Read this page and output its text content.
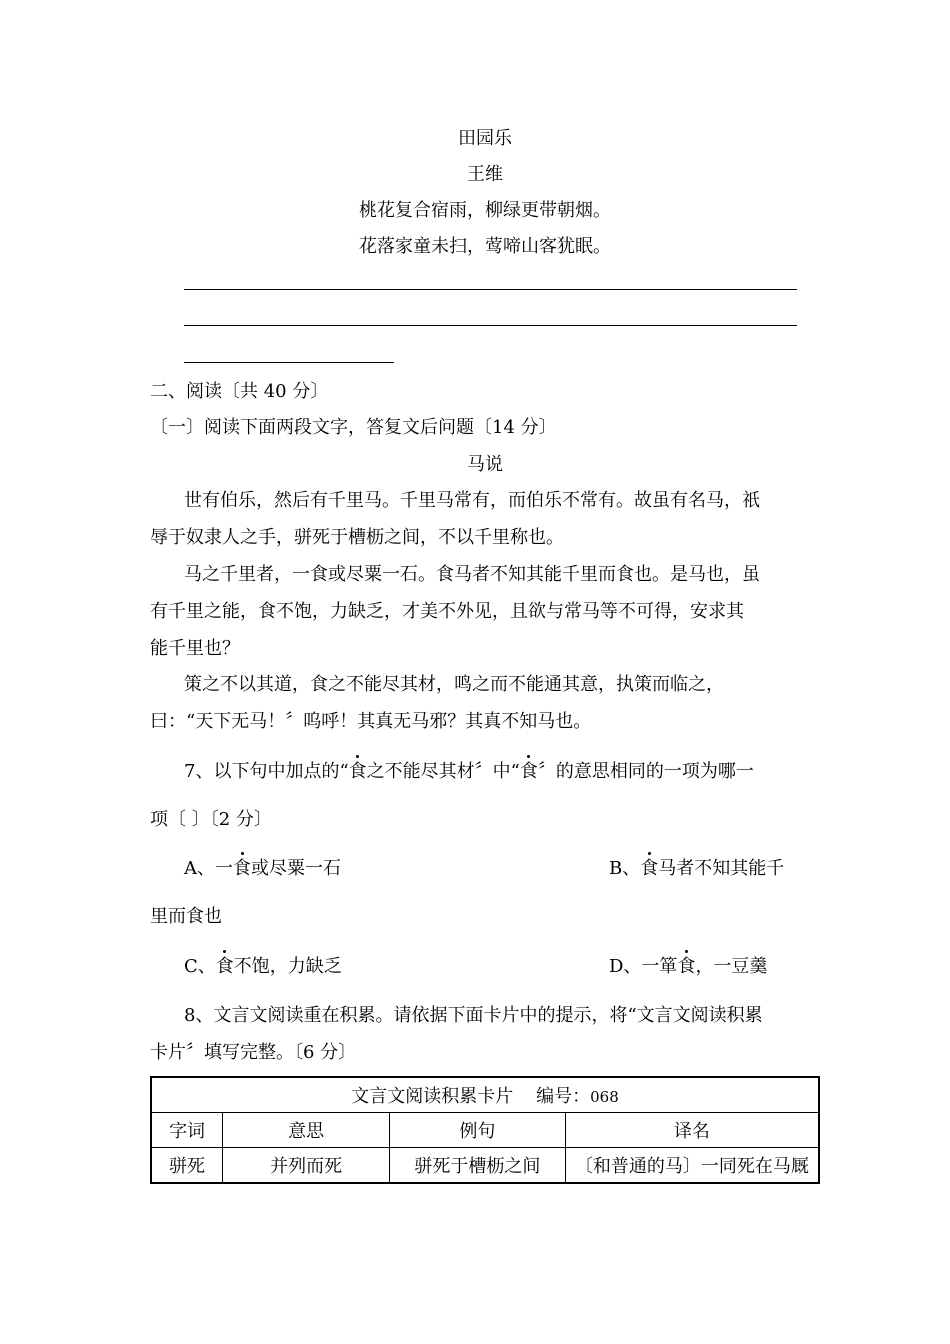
田园乐
王维
桃花复合宿雨，柳绿更带朝烟。
花落家童未扫，莺啼山客犹眠。
二、阅读〔共 40 分〕
〔一〕阅读下面两段文字，答复文后问题〔14 分〕
马说
世有伯乐，然后有千里马。千里马常有，而伯乐不常有。故虽有名马，祇
辱于奴隶人之手，骈死于槽枥之间，不以千里称也。
马之千里者，一食或尽粟一石。食马者不知其能千里而食也。是马也，虽
有千里之能，食不饱，力缺乏，才美不外见，且欲与常马等不可得，安求其
能千里也？
策之不以其道，食之不能尽其材，鸣之而不能通其意，执策而临之，
曰：“天下无马！〞呜呼！其真无马邪？其真不知马也。
7、以下句中加点的“食之不能尽其材〞中“食〞的意思相同的一项为哪一
项〔 〕〔2 分〕
A、一食或尽粟一石	B、食马者不知其能千
里而食也
C、食不饱，力缺乏	D、一箪食，一豆羹
8、文言文阅读重在积累。请依据下面卡片中的提示，将“文言文阅读积累
卡片〞填写完整。〔6 分〕
文言文阅读积累卡片 编号：068			
字词	意思	例句	译名
骈死	并列而死	骈死于槽枥之间	〔和普通的马〕一同死在马厩
